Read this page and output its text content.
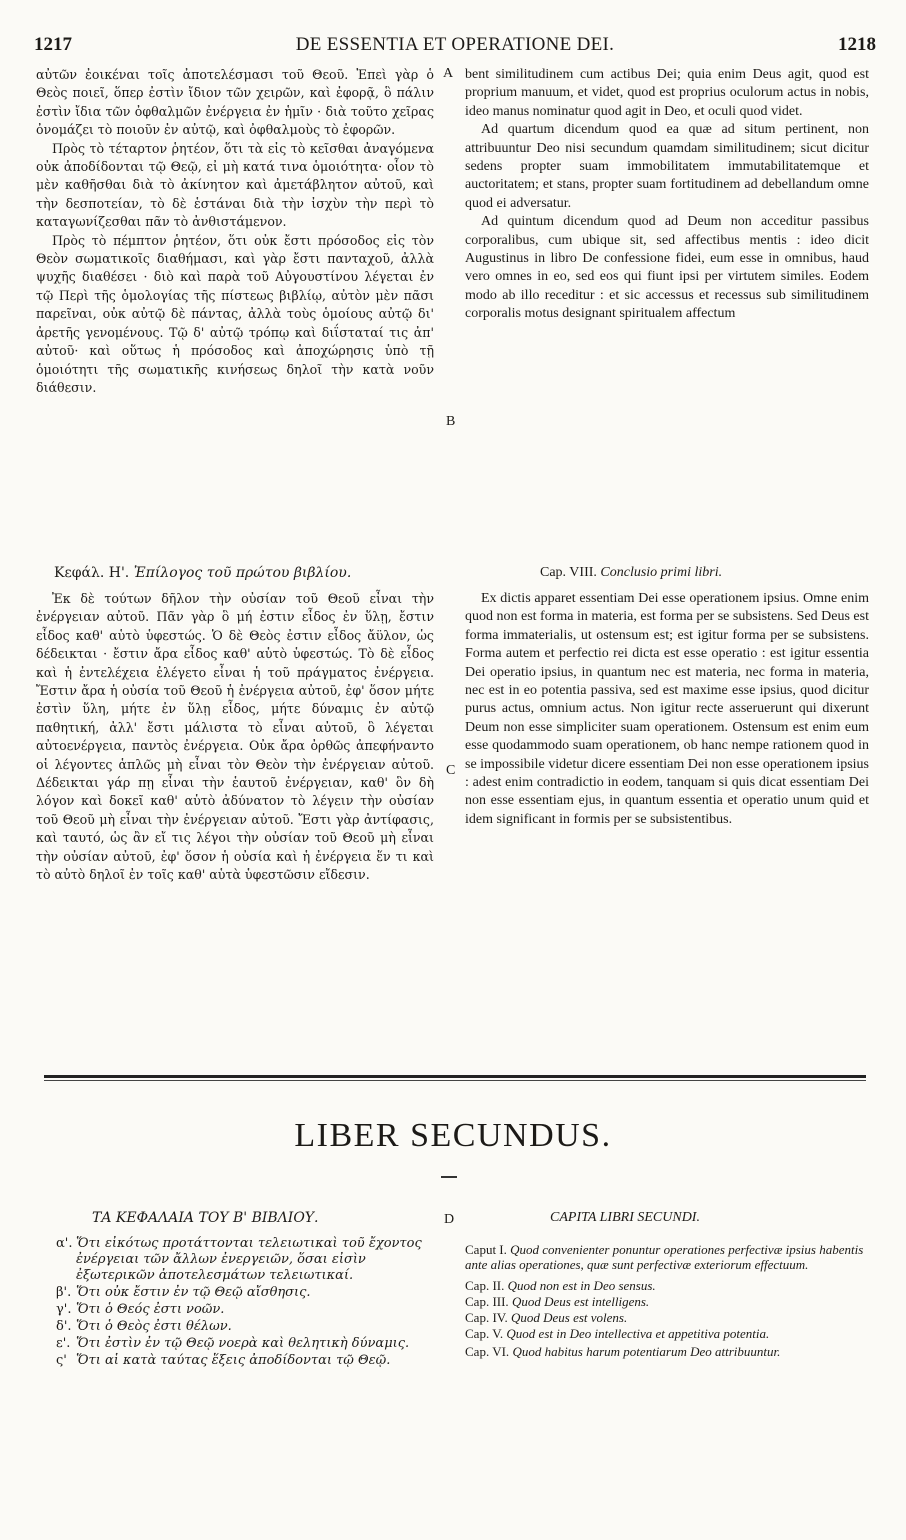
1217	DE ESSENTIA ET OPERATIONE DEI.	1218

αὐτῶν ἐοικέναι τοῖς ἀποτελέσμασι τοῦ Θεοῦ. Ἐπεὶ γὰρ ὁ Θεὸς ποιεῖ, ὅπερ ἐστὶν ἴδιον τῶν χειρῶν, καὶ ἐφορᾷ, ὃ πάλιν ἐστὶν ἴδια τῶν ὀφθαλμῶν ἐνέργεια ἐν ἡμῖν · διὰ τοῦτο χεῖρας ὀνομάζει τὸ ποιοῦν ἐν αὐτῷ, καὶ ὀφθαλμοὺς τὸ ἐφορῶν.

Πρὸς τὸ τέταρτον ῥητέον, ὅτι τὰ εἰς τὸ κεῖσθαι ἀναγόμενα οὐκ ἀποδίδονται τῷ Θεῷ, εἰ μὴ κατά τινα ὁμοιότητα· οἷον τὸ μὲν καθῆσθαι διὰ τὸ ἀκίνητον καὶ ἀμετάβλητον αὐτοῦ, καὶ τὴν δεσποτείαν, τὸ δὲ ἑστάναι διὰ τὴν ἰσχὺν τὴν περὶ τὸ καταγωνίζεσθαι πᾶν τὸ ἀνθιστάμενον.

Πρὸς τὸ πέμπτον ῥητέον, ὅτι οὐκ ἔστι πρόσοδος εἰς τὸν Θεὸν σωματικοῖς διαθήμασι, καὶ γὰρ ἔστι πανταχοῦ, ἀλλὰ ψυχῆς διαθέσει · διὸ καὶ παρὰ τοῦ Αὐγουστίνου λέγεται ἐν τῷ Περὶ τῆς ὁμολογίας τῆς πίστεως βιβλίῳ, αὐτὸν μὲν πᾶσι παρεῖναι, οὐκ αὐτῷ δὲ πάντας, ἀλλὰ τοὺς ὁμοίους αὐτῷ δι' ἀρετῆς γενομένους. Τῷ δ' αὐτῷ τρόπῳ καὶ διΐσταταί τις ἀπ' αὐτοῦ· καὶ οὕτως ἡ πρόσοδος καὶ ἀποχώρησις ὑπὸ τῇ ὁμοιότητι τῆς σωματικῆς κινήσεως δηλοῖ τὴν κατὰ νοῦν διάθεσιν.

bent similitudinem cum actibus Dei; quia enim Deus agit, quod est proprium manuum, et videt, quod est proprius oculorum actus in nobis, ideo manus nominatur quod agit in Deo, et oculi quod videt.

Ad quartum dicendum quod ea quæ ad situm pertinent, non attribuuntur Deo nisi secundum quamdam similitudinem; sicut dicitur sedens propter suam immobilitatem immutabilitatemque et auctoritatem; et stans, propter suam fortitudinem ad debellandum omne quod ei adversatur.

Ad quintum dicendum quod ad Deum non acceditur passibus corporalibus, cum ubique sit, sed affectibus mentis : ideo dicit Augustinus in libro De confessione fidei, eum esse in omnibus, haud vero omnes in eo, sed eos qui fiunt ipsi per virtutem similes. Eodem modo ab illo receditur : et sic accessus et recessus sub similitudinem corporalis motus designant spiritualem affectum

A
B
C
D
Κεφάλ. Η'. Ἐπίλογος τοῦ πρώτου βιβλίου.	Cap. VIII. Conclusio primi libri.

Ἐκ δὲ τούτων δῆλον τὴν οὐσίαν τοῦ Θεοῦ εἶναι τὴν ἐνέργειαν αὐτοῦ. Πᾶν γὰρ ὃ μή ἐστιν εἶδος ἐν ὕλῃ, ἔστιν εἶδος καθ' αὑτὸ ὑφεστώς. Ὁ δὲ Θεὸς ἐστιν εἶδος ἄϋλον, ὡς δέδεικται · ἔστιν ἄρα εἶδος καθ' αὑτὸ ὑφεστώς. Τὸ δὲ εἶδος καὶ ἡ ἐντελέχεια ἐλέγετο εἶναι ἡ τοῦ πράγματος ἐνέργεια. Ἔστιν ἄρα ἡ οὐσία τοῦ Θεοῦ ἡ ἐνέργεια αὐτοῦ, ἐφ' ὅσον μήτε ἐστὶν ὕλη, μήτε ἐν ὕλῃ εἶδος, μήτε δύναμις ἐν αὐτῷ παθητική, ἀλλ' ἔστι μάλιστα τὸ εἶναι αὐτοῦ, ὃ λέγεται αὐτοενέργεια, παντὸς ἐνέργεια. Οὐκ ἄρα ὀρθῶς ἀπεφήναντο οἱ λέγοντες ἁπλῶς μὴ εἶναι τὸν Θεὸν τὴν ἐνέργειαν αὐτοῦ. Δέδεικται γάρ πῃ εἶναι τὴν ἑαυτοῦ ἐνέργειαν, καθ' ὃν δὴ λόγον καὶ δοκεῖ καθ' αὑτὸ ἀδύνατον τὸ λέγειν τὴν οὐσίαν τοῦ Θεοῦ μὴ εἶναι τὴν ἐνέργειαν αὐτοῦ. Ἔστι γὰρ ἀντίφασις, καὶ ταυτό, ὡς ἂν εἴ τις λέγοι τὴν οὐσίαν τοῦ Θεοῦ μὴ εἶναι τὴν οὐσίαν αὐτοῦ, ἐφ' ὅσον ἡ οὐσία καὶ ἡ ἐνέργεια ἕν τι καὶ τὸ αὐτὸ δηλοῖ ἐν τοῖς καθ' αὑτὰ ὑφεστῶσιν εἴδεσιν.

Ex dictis apparet essentiam Dei esse operationem ipsius. Omne enim quod non est forma in materia, est forma per se subsistens. Sed Deus est forma immaterialis, ut ostensum est; est igitur forma per se subsistens. Forma autem et perfectio rei dicta est esse operatio : est igitur essentia Dei operatio ipsius, in quantum nec est materia, nec forma in materia, nec est in eo potentia passiva, sed est maxime esse ipsius, quod dicitur purus actus, omnium actus. Non igitur recte asseruerunt qui dixerunt Deum non esse simpliciter suam operationem. Ostensum est enim eum esse quodammodo suam operationem, ob hanc nempe rationem quod in se impossibile videtur dicere essentiam Dei non esse operationem ipsius : adest enim contradictio in eodem, tanquam si quis dicat essentiam Dei non esse essentiam ejus, in quantum essentia et operatio unum quid et idem significant in formis per se subsistentibus.

LIBER SECUNDUS.
ΤΑ ΚΕΦΑΛΑΙΑ ΤΟΥ Β' ΒΙΒΛΙΟΥ.	CAPITA LIBRI SECUNDI.
α'. Ὅτι εἰκότως προτάττονται τελειωτικαὶ τοῦ ἔχοντος ἐνέργειαι τῶν ἄλλων ἐνεργειῶν, ὅσαι εἰσὶν ἐξωτερικῶν ἀποτελεσμάτων τελειωτικαί.
β'. Ὅτι οὐκ ἔστιν ἐν τῷ Θεῷ αἴσθησις.
γ'. Ὅτι ὁ Θεός ἐστι νοῶν.
δ'. Ὅτι ὁ Θεὸς ἐστι θέλων.
ε'. Ὅτι ἐστὶν ἐν τῷ Θεῷ νοερὰ καὶ θελητικὴ δύναμις.
ς' Ὅτι αἱ κατὰ ταύτας ἕξεις ἀποδίδονται τῷ Θεῷ.
Caput I. Quod convenienter ponuntur operationes perfectivæ ipsius habentis ante alias operationes, quæ sunt perfectivæ exteriorum effectuum.
Cap. II. Quod non est in Deo sensus.
Cap. III. Quod Deus est intelligens.
Cap. IV. Quod Deus est volens.
Cap. V. Quod est in Deo intellectiva et appetitiva potentia.
Cap. VI. Quod habitus harum potentiarum Deo attribuuntur.
